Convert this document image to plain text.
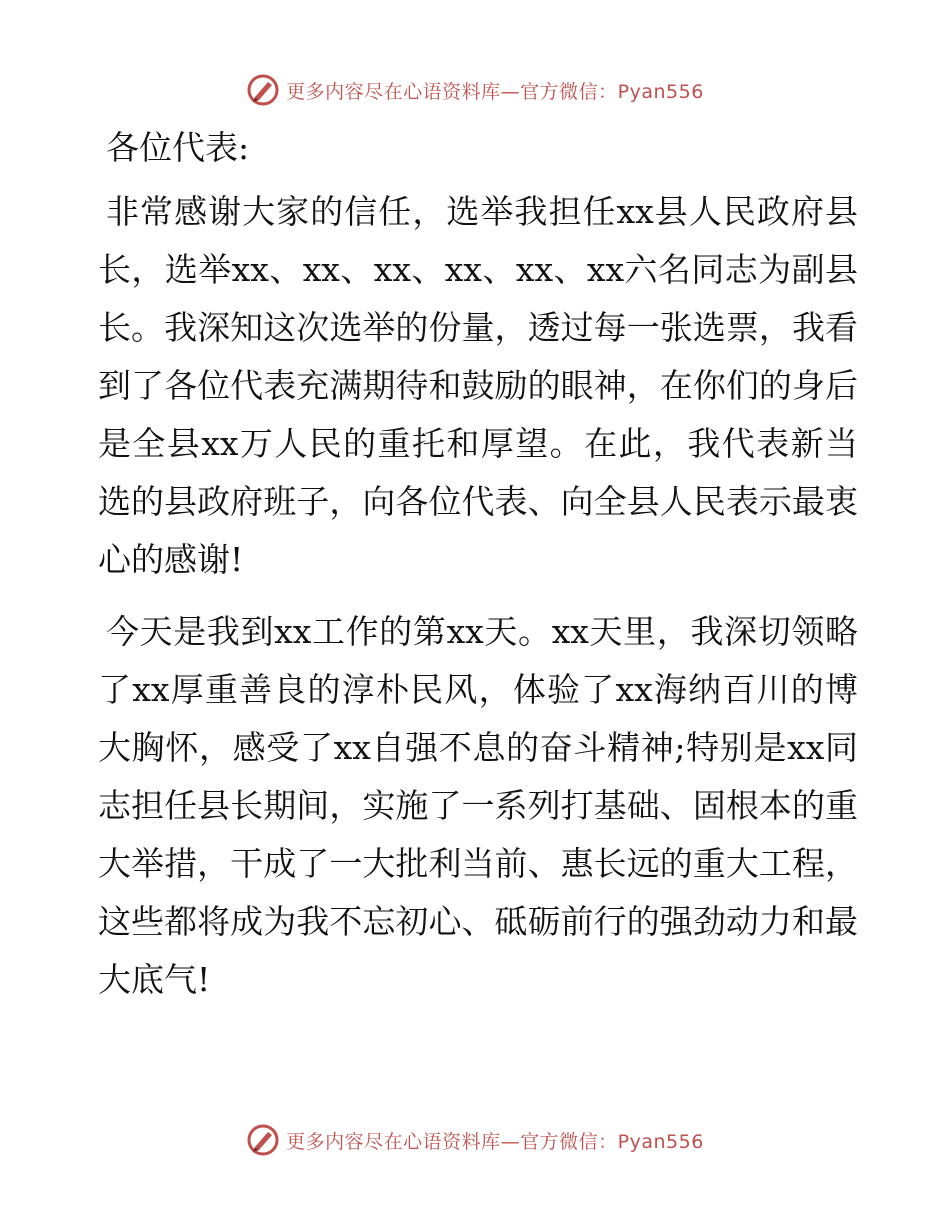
更多内容尽在心语资料库—官方微信：Pyan556
各位代表:

非常感谢大家的信任，选举我担任xx县人民政府县长，选举xx、xx、xx、xx、xx、xx六名同志为副县长。我深知这次选举的份量，透过每一张选票，我看到了各位代表充满期待和鼓励的眼神，在你们的身后是全县xx万人民的重托和厚望。在此，我代表新当选的县政府班子，向各位代表、向全县人民表示最衷心的感谢!

今天是我到xx工作的第xx天。xx天里，我深切领略了xx厚重善良的淳朴民风，体验了xx海纳百川的博大胸怀，感受了xx自强不息的奋斗精神;特别是xx同志担任县长期间，实施了一系列打基础、固根本的重大举措，干成了一大批利当前、惠长远的重大工程，这些都将成为我不忘初心、砥砺前行的强劲动力和最大底气!

更多内容尽在心语资料库—官方微信：Pyan556
